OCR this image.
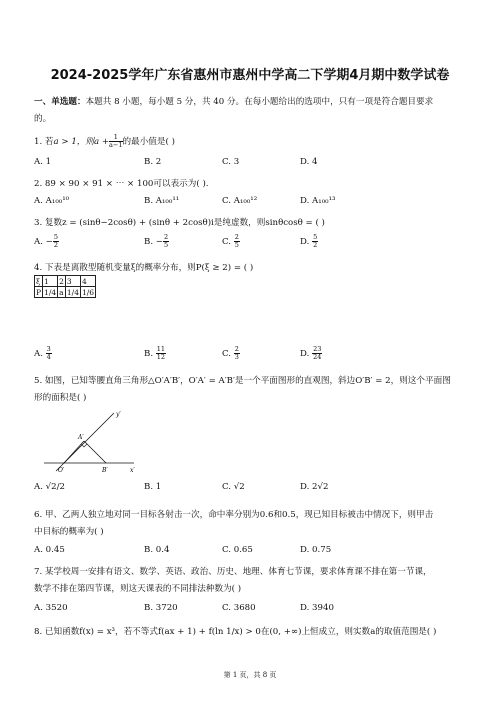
2024-2025学年广东省惠州市惠州中学高二下学期4月期中数学试卷
一、单选题：本题共 8 小题，每小题 5 分，共 40 分。在每小题给出的选项中，只有一项是符合题目要求
的。
1. 若a > 1，则$a + \frac{1}{a-1}$ 的最小值是( )
A. 1	B. 2	C. 3	D. 4
2. 89 × 90 × 91 × ⋯ × 100可以表示为( ).
A. A₁₀₀¹⁰	B. A₁₀₀¹¹	C. A₁₀₀¹²	D. A₁₀₀¹³
3. 复数z = (sinθ−2cosθ) + (sinθ + 2cosθ)i是纯虚数，则sinθcosθ = ( )
A. − $\frac{5}{2}$	B. − $\frac{2}{5}$	C. $\frac{2}{5}$	D. $\frac{5}{2}$
4. 下表是离散型随机变量ξ的概率分布，则P(ξ ≥ 2) = ( )
ξ	1	2	3	4
P	1/4	a	1/4	1/6
A. $\frac{3}{4}$	B. $\frac{11}{12}$	C. $\frac{2}{3}$	D. $\frac{23}{24}$
5. 如图，已知等腰直角三角形△O′A′B′，O′A′ = A′B′是一个平面图形的直观图，斜边O′B′ = 2，则这个平面图
形的面积是( )
y′
x′
O′
A′
B′
A. √2/2	B. 1	C. √2	D. 2√2
6. 甲、乙两人独立地对同一目标各射击一次，命中率分别为0.6和0.5，现已知目标被击中情况下，则甲击
中目标的概率为( )
A. 0.45	B. 0.4	C. 0.65	D. 0.75
7. 某学校周一安排有语文、数学、英语、政治、历史、地理、体育七节课，要求体育课不排在第一节课，
数学不排在第四节课，则这天课表的不同排法种数为( )
A. 3520	B. 3720	C. 3680	D. 3940
8. 已知函数f(x) = x³，若不等式f(ax + 1) + f(ln 1/x) > 0在(0, +∞)上恒成立，则实数a的取值范围是( )
第 1 页，共 8 页
